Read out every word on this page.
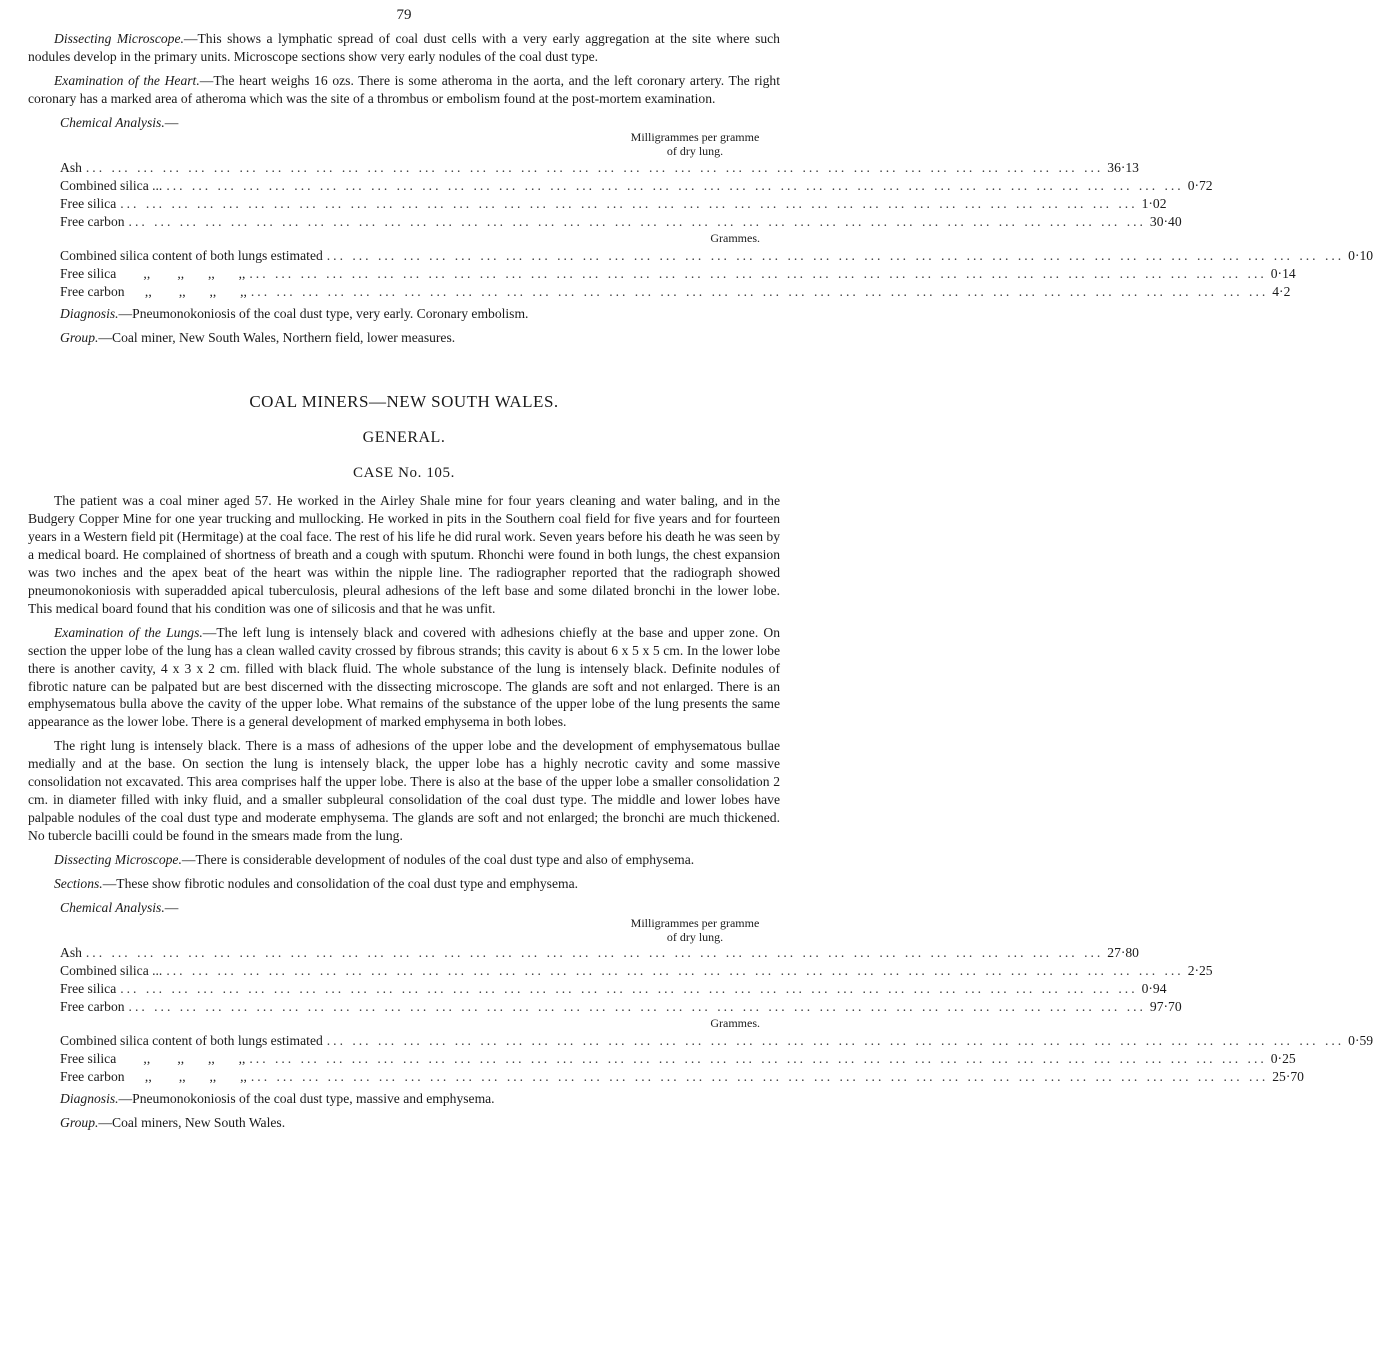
79

Dissecting Microscope.—This shows a lymphatic spread of coal dust cells with a very early aggregation at the site where such nodules develop in the primary units. Microscope sections show very early nodules of the coal dust type.

Examination of the Heart.—The heart weighs 16 ozs. There is some atheroma in the aorta, and the left coronary artery. The right coronary has a marked area of atheroma which was the site of a thrombus or embolism found at the post-mortem examination.

Chemical Analysis.—
Milligrammes per gramme of dry lung.
Ash ... ... ... ... ... ... ... ... ... ... ... ... ... ... ... ... ... ... ... ... ... ... ... ... ... ... ... ... ... ... ... ... ... ... ... ... ... ... ... ... 36·13
Combined silica ... ... ... ... ... ... ... ... ... ... ... ... ... ... ... ... ... ... ... ... ... ... ... ... ... ... ... ... ... ... ... ... ... ... ... ... ... ... ... ... ... 0·72
Free silica ... ... ... ... ... ... ... ... ... ... ... ... ... ... ... ... ... ... ... ... ... ... ... ... ... ... ... ... ... ... ... ... ... ... ... ... ... ... ... ... 1·02
Free carbon ... ... ... ... ... ... ... ... ... ... ... ... ... ... ... ... ... ... ... ... ... ... ... ... ... ... ... ... ... ... ... ... ... ... ... ... ... ... ... ... 30·40
Grammes.
Combined silica content of both lungs estimated ... ... ... ... ... ... ... ... ... ... ... ... ... ... ... ... ... ... ... ... ... ... ... ... ... ... ... ... ... ... ... ... ... ... ... ... ... ... ... ... 0·10
Free silica        ,,        ,,       ,,       ,, ... ... ... ... ... ... ... ... ... ... ... ... ... ... ... ... ... ... ... ... ... ... ... ... ... ... ... ... ... ... ... ... ... ... ... ... ... ... ... ... 0·14
Free carbon      ,,        ,,       ,,       ,, ... ... ... ... ... ... ... ... ... ... ... ... ... ... ... ... ... ... ... ... ... ... ... ... ... ... ... ... ... ... ... ... ... ... ... ... ... ... ... ... 4·2

Diagnosis.—Pneumonokoniosis of the coal dust type, very early. Coronary embolism.

Group.—Coal miner, New South Wales, Northern field, lower measures.

COAL MINERS—NEW SOUTH WALES.
GENERAL.
CASE No. 105.

The patient was a coal miner aged 57. He worked in the Airley Shale mine for four years cleaning and water baling, and in the Budgery Copper Mine for one year trucking and mullocking. He worked in pits in the Southern coal field for five years and for fourteen years in a Western field pit (Hermitage) at the coal face. The rest of his life he did rural work. Seven years before his death he was seen by a medical board. He complained of shortness of breath and a cough with sputum. Rhonchi were found in both lungs, the chest expansion was two inches and the apex beat of the heart was within the nipple line. The radiographer reported that the radiograph showed pneumonokoniosis with superadded apical tuberculosis, pleural adhesions of the left base and some dilated bronchi in the lower lobe. This medical board found that his condition was one of silicosis and that he was unfit.

Examination of the Lungs.—The left lung is intensely black and covered with adhesions chiefly at the base and upper zone. On section the upper lobe of the lung has a clean walled cavity crossed by fibrous strands; this cavity is about 6 x 5 x 5 cm. In the lower lobe there is another cavity, 4 x 3 x 2 cm. filled with black fluid. The whole substance of the lung is intensely black. Definite nodules of fibrotic nature can be palpated but are best discerned with the dissecting microscope. The glands are soft and not enlarged. There is an emphysematous bulla above the cavity of the upper lobe. What remains of the substance of the upper lobe of the lung presents the same appearance as the lower lobe. There is a general development of marked emphysema in both lobes.

The right lung is intensely black. There is a mass of adhesions of the upper lobe and the development of emphysematous bullae medially and at the base. On section the lung is intensely black, the upper lobe has a highly necrotic cavity and some massive consolidation not excavated. This area comprises half the upper lobe. There is also at the base of the upper lobe a smaller consolidation 2 cm. in diameter filled with inky fluid, and a smaller subpleural consolidation of the coal dust type. The middle and lower lobes have palpable nodules of the coal dust type and moderate emphysema. The glands are soft and not enlarged; the bronchi are much thickened. No tubercle bacilli could be found in the smears made from the lung.

Dissecting Microscope.—There is considerable development of nodules of the coal dust type and also of emphysema.

Sections.—These show fibrotic nodules and consolidation of the coal dust type and emphysema.

Chemical Analysis.—
Milligrammes per gramme of dry lung.
Ash ... ... ... ... ... ... ... ... ... ... ... ... ... ... ... ... ... ... ... ... ... ... ... ... ... ... ... ... ... ... ... ... ... ... ... ... ... ... ... ... 27·80
Combined silica ... ... ... ... ... ... ... ... ... ... ... ... ... ... ... ... ... ... ... ... ... ... ... ... ... ... ... ... ... ... ... ... ... ... ... ... ... ... ... ... ... 2·25
Free silica ... ... ... ... ... ... ... ... ... ... ... ... ... ... ... ... ... ... ... ... ... ... ... ... ... ... ... ... ... ... ... ... ... ... ... ... ... ... ... ... 0·94
Free carbon ... ... ... ... ... ... ... ... ... ... ... ... ... ... ... ... ... ... ... ... ... ... ... ... ... ... ... ... ... ... ... ... ... ... ... ... ... ... ... ... 97·70
Grammes.
Combined silica content of both lungs estimated ... ... ... ... ... ... ... ... ... ... ... ... ... ... ... ... ... ... ... ... ... ... ... ... ... ... ... ... ... ... ... ... ... ... ... ... ... ... ... ... 0·59
Free silica        ,,        ,,       ,,       ,, ... ... ... ... ... ... ... ... ... ... ... ... ... ... ... ... ... ... ... ... ... ... ... ... ... ... ... ... ... ... ... ... ... ... ... ... ... ... ... ... 0·25
Free carbon      ,,        ,,       ,,       ,, ... ... ... ... ... ... ... ... ... ... ... ... ... ... ... ... ... ... ... ... ... ... ... ... ... ... ... ... ... ... ... ... ... ... ... ... ... ... ... ... 25·70

Diagnosis.—Pneumonokoniosis of the coal dust type, massive and emphysema.

Group.—Coal miners, New South Wales.
